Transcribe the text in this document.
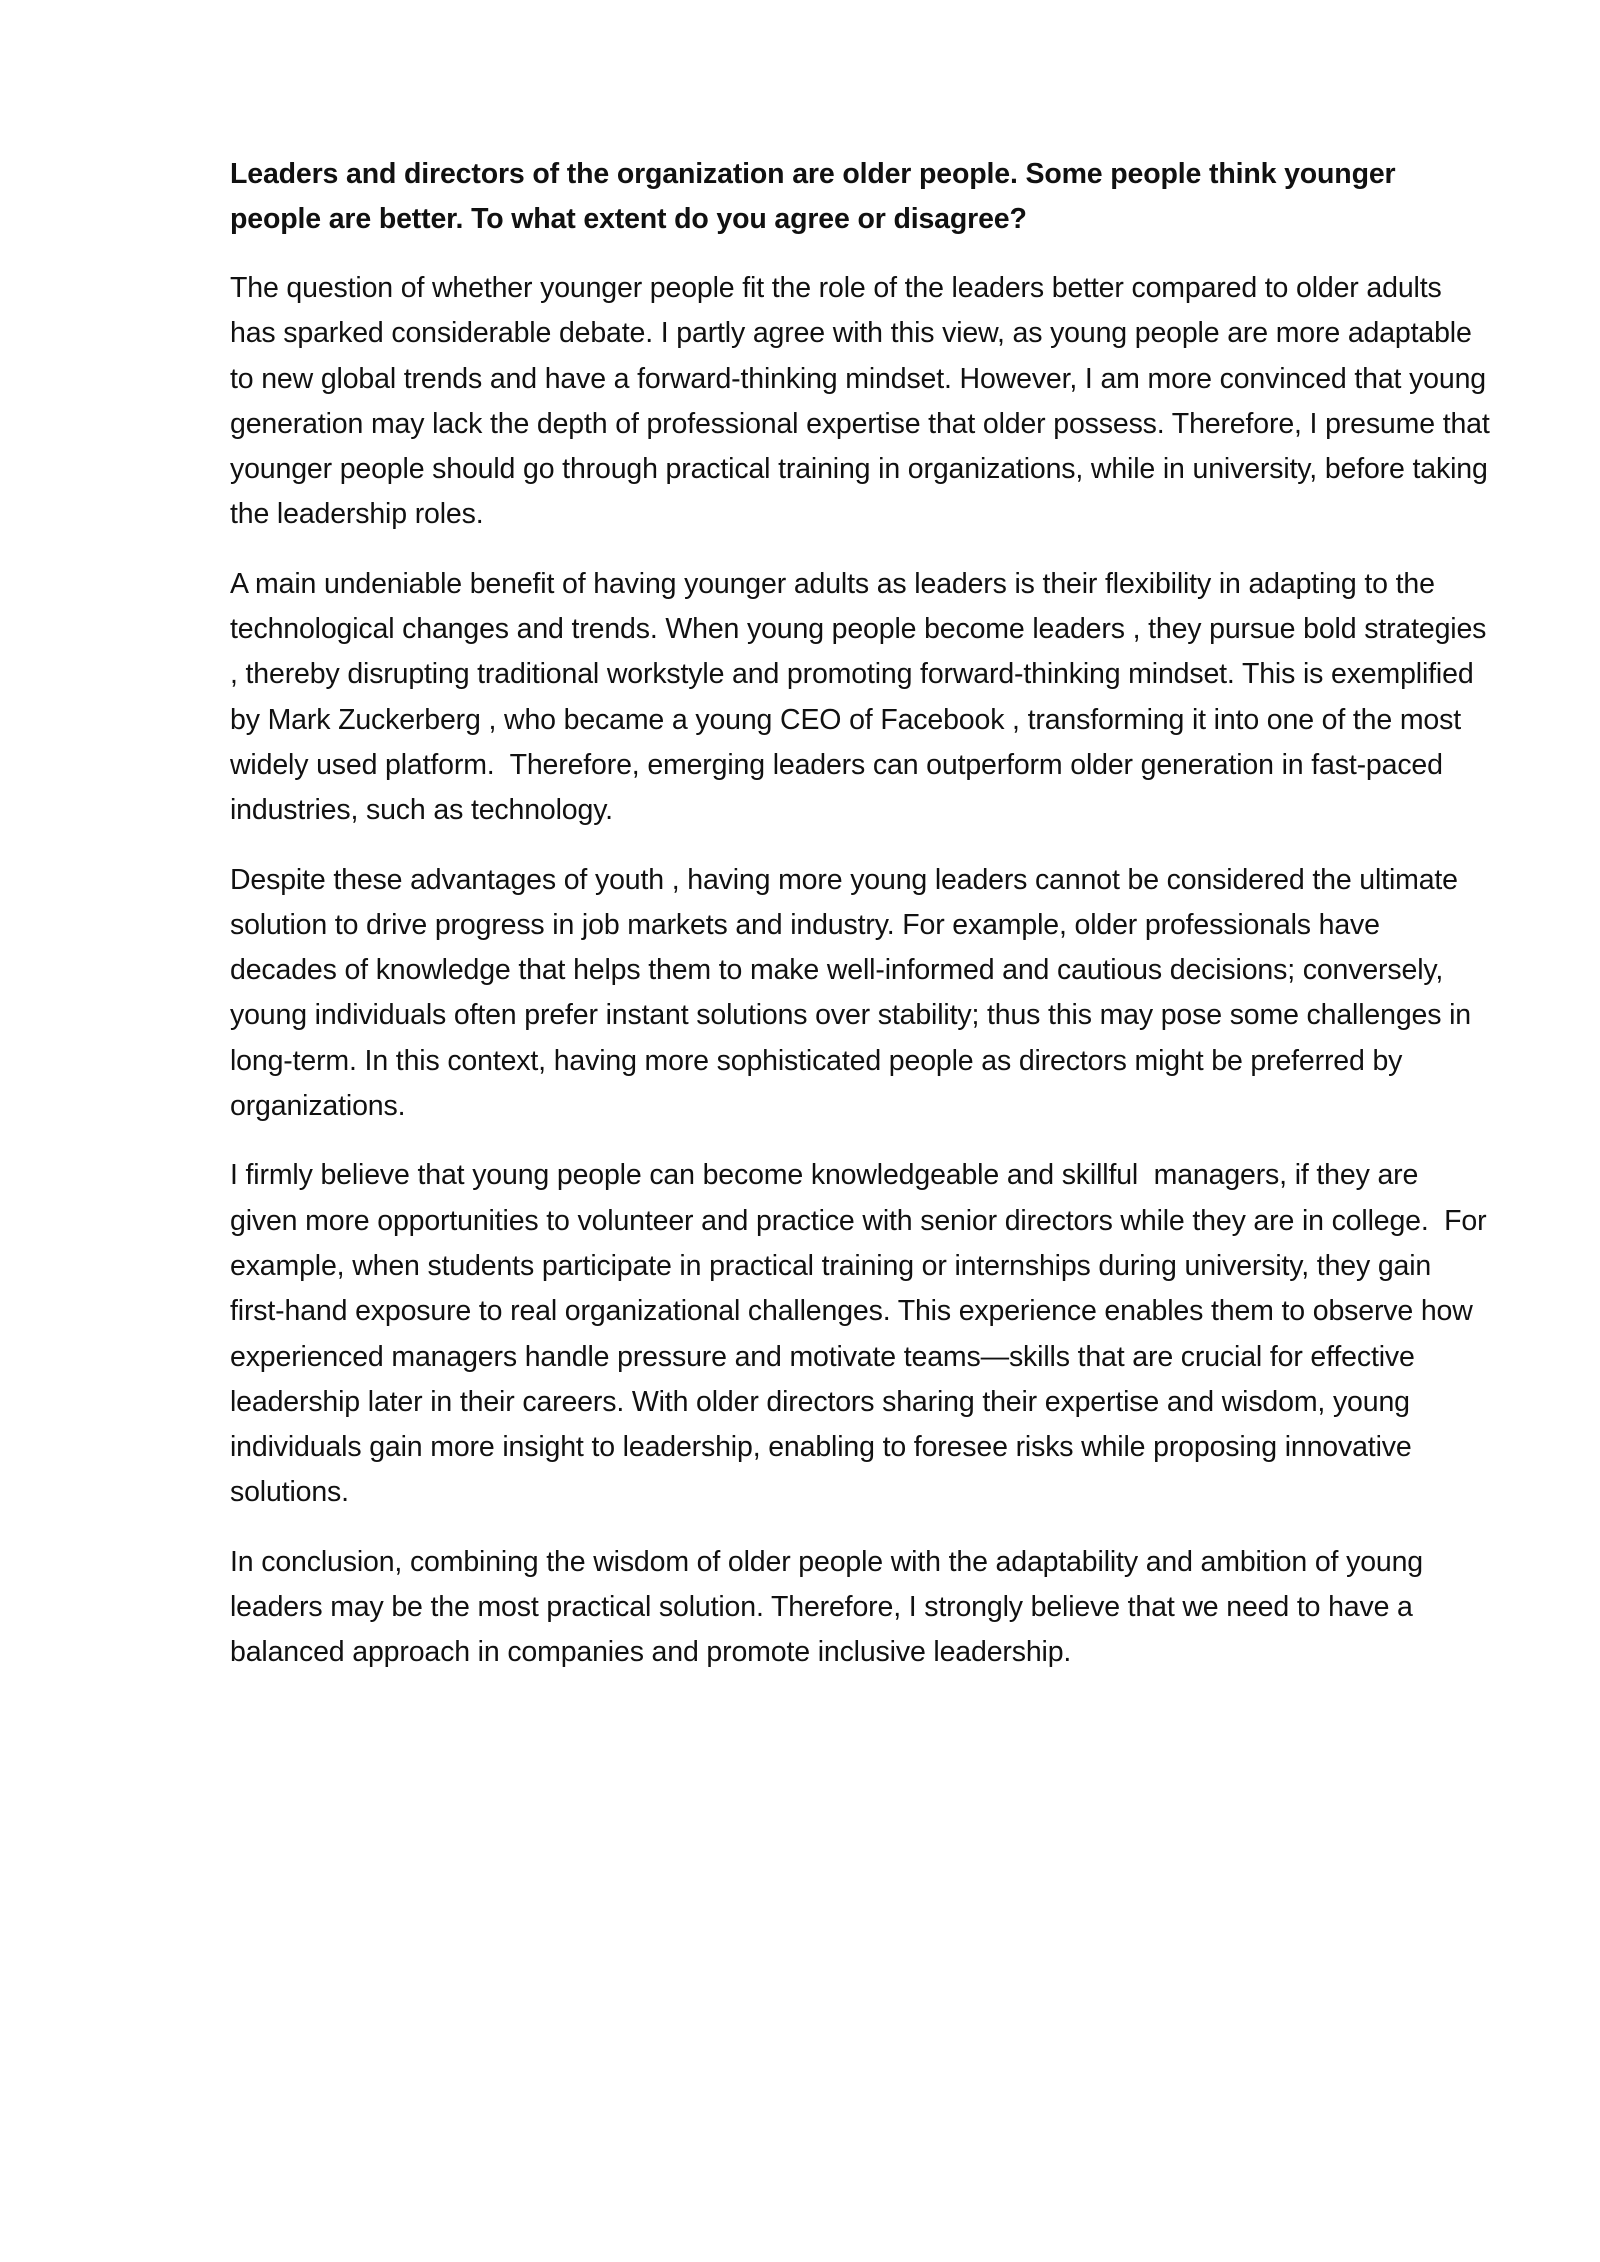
Leaders and directors of the organization are older people. Some people think younger people are better. To what extent do you agree or disagree?

The question of whether younger people fit the role of the leaders better compared to older adults has sparked considerable debate. I partly agree with this view, as young people are more adaptable to new global trends and have a forward-thinking mindset. However, I am more convinced that young generation may lack the depth of professional expertise that older possess. Therefore, I presume that younger people should go through practical training in organizations, while in university, before taking the leadership roles.

A main undeniable benefit of having younger adults as leaders is their flexibility in adapting to the technological changes and trends. When young people become leaders , they pursue bold strategies , thereby disrupting traditional workstyle and promoting forward-thinking mindset. This is exemplified by Mark Zuckerberg , who became a young CEO of Facebook , transforming it into one of the most widely used platform.  Therefore, emerging leaders can outperform older generation in fast-paced industries, such as technology.

Despite these advantages of youth , having more young leaders cannot be considered the ultimate solution to drive progress in job markets and industry. For example, older professionals have decades of knowledge that helps them to make well-informed and cautious decisions; conversely, young individuals often prefer instant solutions over stability; thus this may pose some challenges in long-term. In this context, having more sophisticated people as directors might be preferred by organizations.

I firmly believe that young people can become knowledgeable and skillful  managers, if they are given more opportunities to volunteer and practice with senior directors while they are in college.  For example, when students participate in practical training or internships during university, they gain first-hand exposure to real organizational challenges. This experience enables them to observe how experienced managers handle pressure and motivate teams—skills that are crucial for effective leadership later in their careers. With older directors sharing their expertise and wisdom, young individuals gain more insight to leadership, enabling to foresee risks while proposing innovative solutions.

In conclusion, combining the wisdom of older people with the adaptability and ambition of young leaders may be the most practical solution. Therefore, I strongly believe that we need to have a  balanced approach in companies and promote inclusive leadership.
